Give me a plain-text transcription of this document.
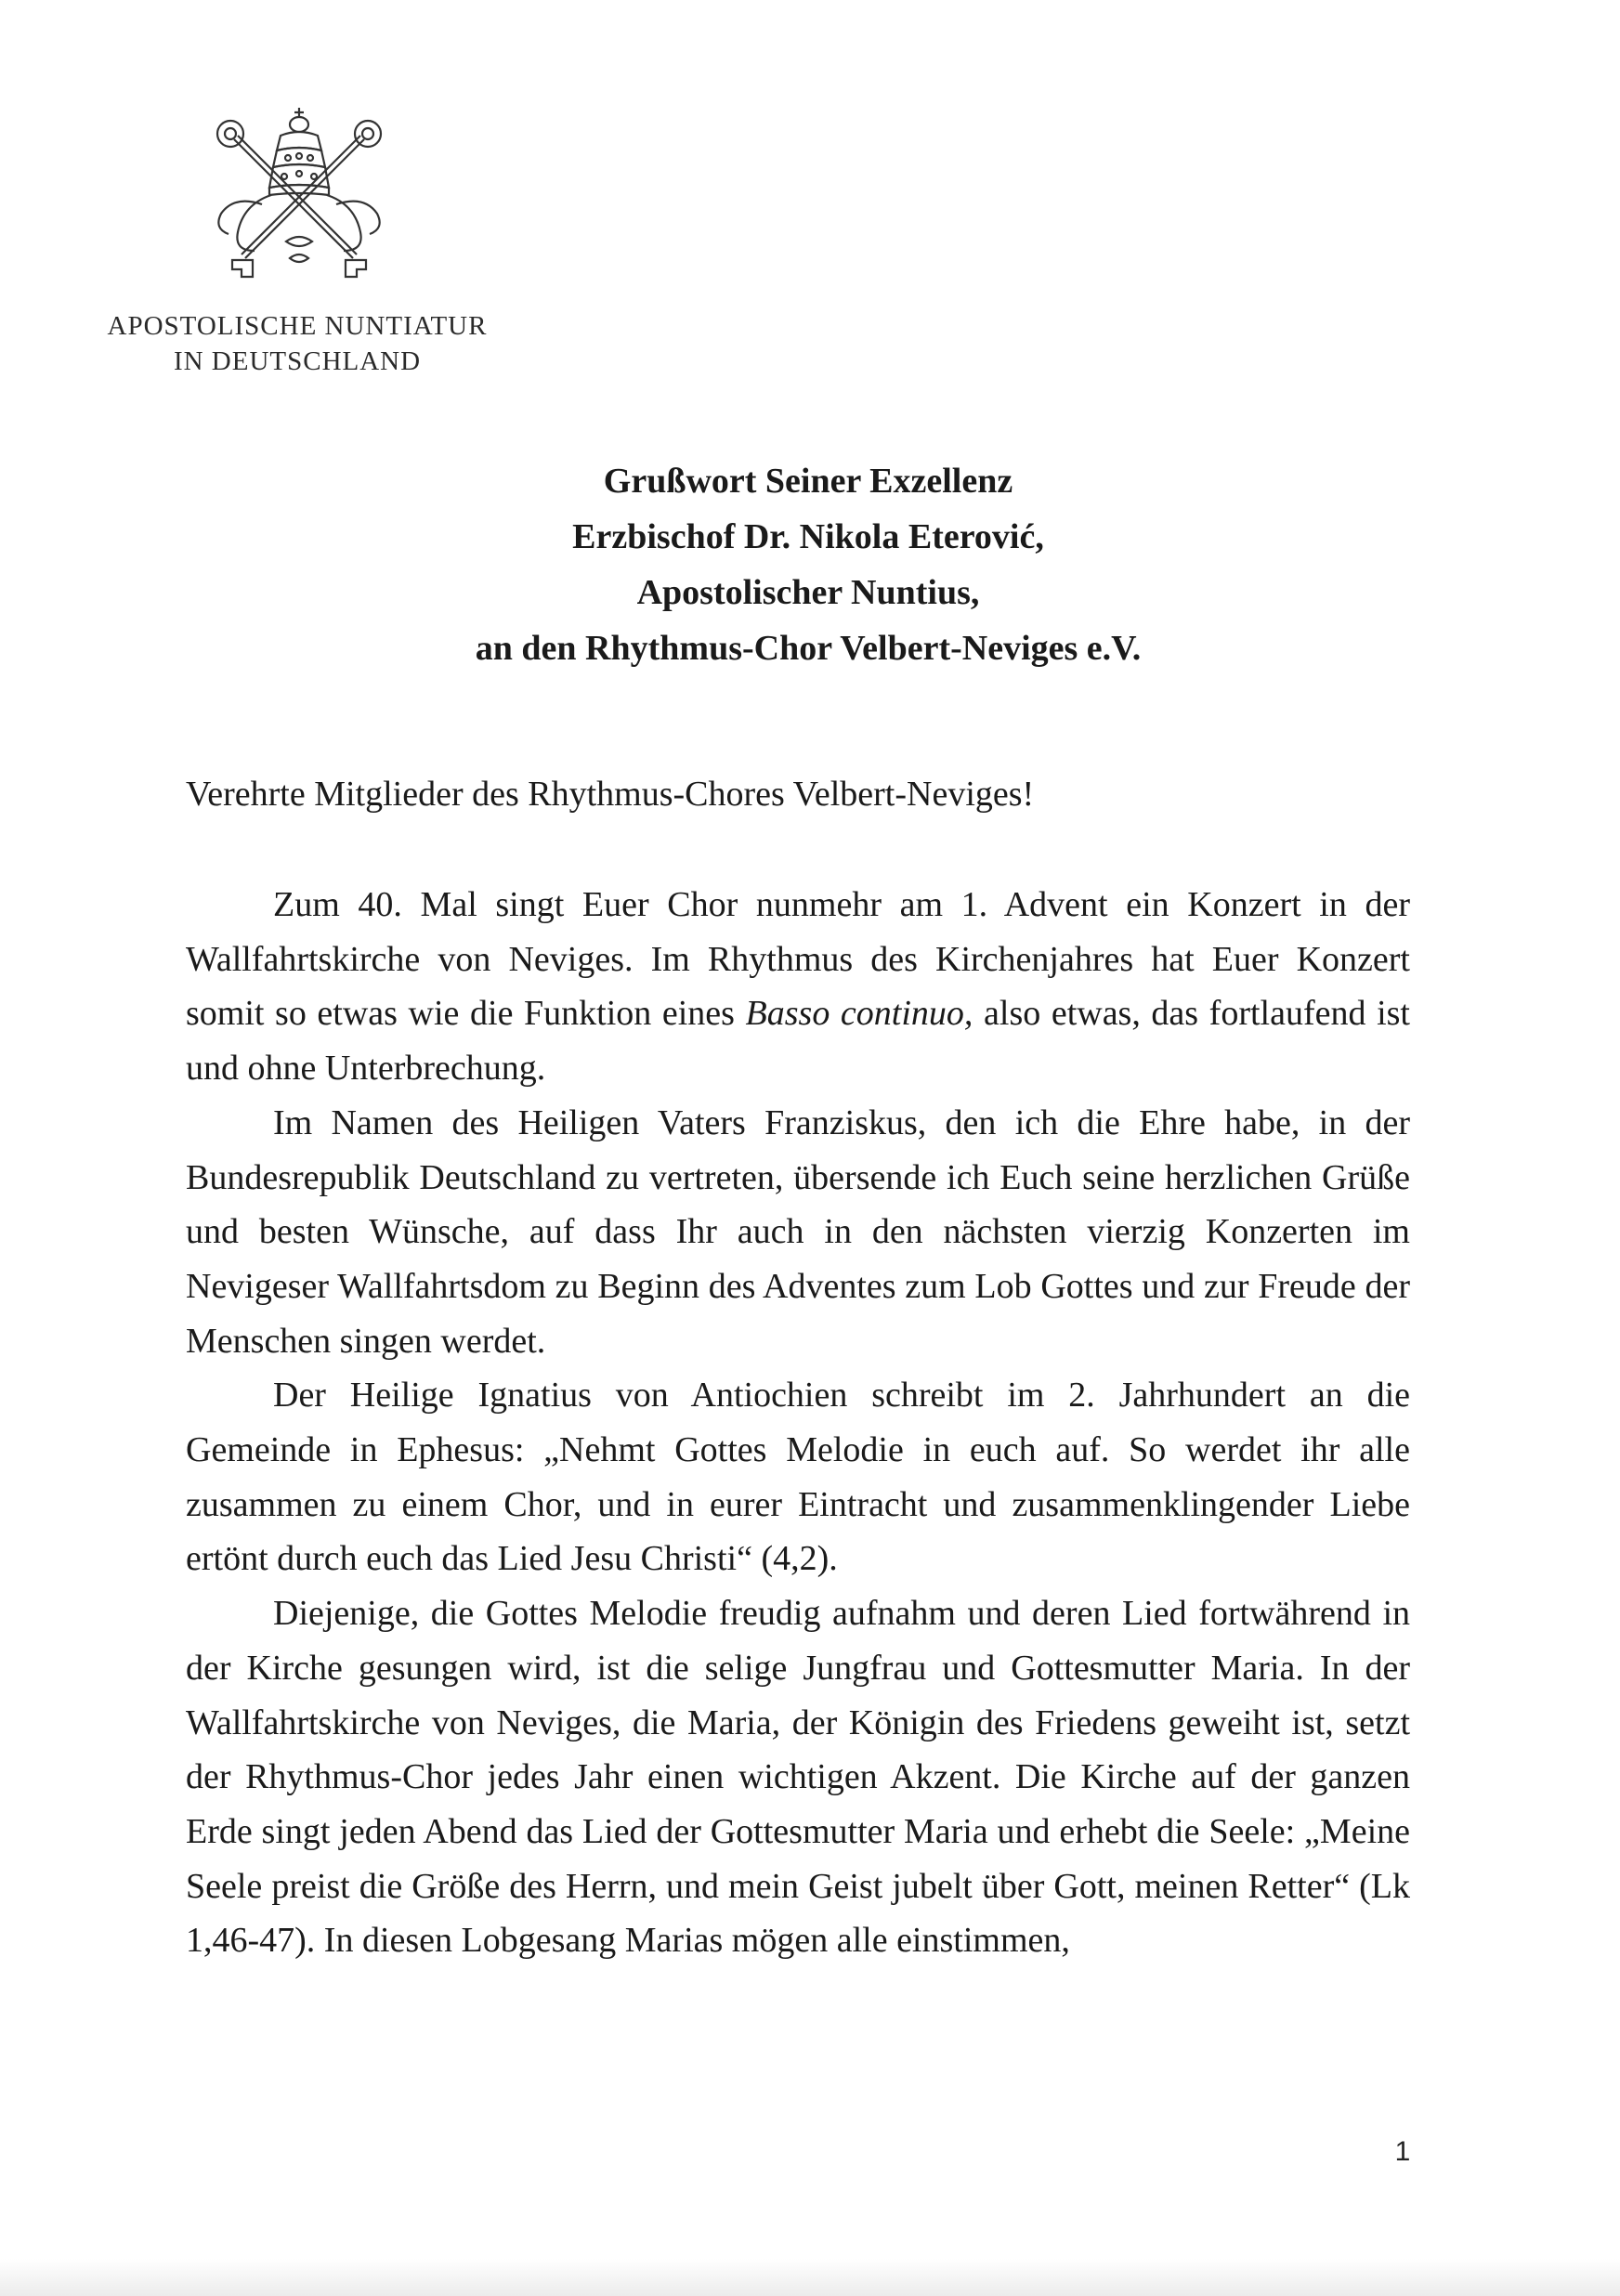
APOSTOLISCHE NUNTIATUR
IN DEUTSCHLAND
Grußwort Seiner Exzellenz
Erzbischof Dr. Nikola Eterović,
Apostolischer Nuntius,
an den Rhythmus-Chor Velbert-Neviges e.V.
Verehrte Mitglieder des Rhythmus-Chores Velbert-Neviges!

Zum 40. Mal singt Euer Chor nunmehr am 1. Advent ein Konzert in der Wallfahrtskirche von Neviges. Im Rhythmus des Kirchenjahres hat Euer Konzert somit so etwas wie die Funktion eines Basso continuo, also etwas, das fortlaufend ist und ohne Unterbrechung.

Im Namen des Heiligen Vaters Franziskus, den ich die Ehre habe, in der Bundesrepublik Deutschland zu vertreten, übersende ich Euch seine herzlichen Grüße und besten Wünsche, auf dass Ihr auch in den nächsten vierzig Konzerten im Nevigeser Wallfahrtsdom zu Beginn des Adventes zum Lob Gottes und zur Freude der Menschen singen werdet.

Der Heilige Ignatius von Antiochien schreibt im 2. Jahrhundert an die Gemeinde in Ephesus: „Nehmt Gottes Melodie in euch auf. So werdet ihr alle zusammen zu einem Chor, und in eurer Eintracht und zusammenklingender Liebe ertönt durch euch das Lied Jesu Christi“ (4,2).

Diejenige, die Gottes Melodie freudig aufnahm und deren Lied fortwährend in der Kirche gesungen wird, ist die selige Jungfrau und Gottesmutter Maria. In der Wallfahrtskirche von Neviges, die Maria, der Königin des Friedens geweiht ist, setzt der Rhythmus-Chor jedes Jahr einen wichtigen Akzent. Die Kirche auf der ganzen Erde singt jeden Abend das Lied der Gottesmutter Maria und erhebt die Seele: „Meine Seele preist die Größe des Herrn, und mein Geist jubelt über Gott, meinen Retter“ (Lk 1,46-47). In diesen Lobgesang Marias mögen alle einstimmen,

1
